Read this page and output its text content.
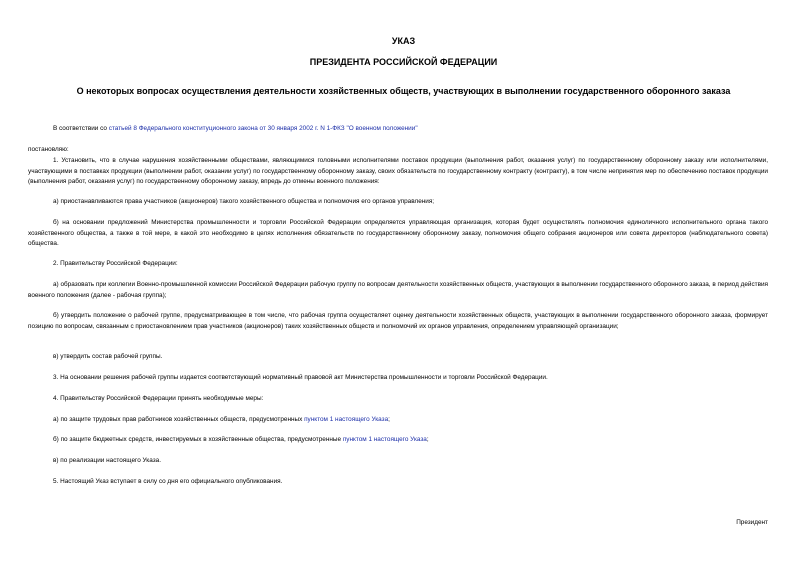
УКАЗ
ПРЕЗИДЕНТА РОССИЙСКОЙ ФЕДЕРАЦИИ
О некоторых вопросах осуществления деятельности хозяйственных обществ, участвующих в выполнении государственного оборонного заказа
В соответствии со статьей 8 Федерального конституционного закона от 30 января 2002 г. N 1-ФКЗ "О военном положении"
постановляю:
1. Установить, что в случае нарушения хозяйственными обществами, являющимися головными исполнителями поставок продукции (выполнения работ, оказания услуг) по государственному оборонному заказу или исполнителями, участвующими в поставках продукции (выполнении работ, оказании услуг) по государственному оборонному заказу, своих обязательств по государственному контракту (контракту), в том числе непринятия мер по обеспечению поставок продукции (выполнения работ, оказания услуг) по государственному оборонному заказу, впредь до отмены военного положения:
а) приостанавливаются права участников (акционеров) такого хозяйственного общества и полномочия его органов управления;
б) на основании предложений Министерства промышленности и торговли Российской Федерации определяется управляющая организация, которая будет осуществлять полномочия единоличного исполнительного органа такого хозяйственного общества, а также в той мере, в какой это необходимо в целях исполнения обязательств по государственному оборонному заказу, полномочия общего собрания акционеров или совета директоров (наблюдательного совета) общества.
2. Правительству Российской Федерации:
а) образовать при коллегии Военно-промышленной комиссии Российской Федерации рабочую группу по вопросам деятельности хозяйственных обществ, участвующих в выполнении государственного оборонного заказа, в период действия военного положения (далее - рабочая группа);
б) утвердить положение о рабочей группе, предусматривающее в том числе, что рабочая группа осуществляет оценку деятельности хозяйственных обществ, участвующих в выполнении государственного оборонного заказа, формирует позицию по вопросам, связанным с приостановлением прав участников (акционеров) таких хозяйственных обществ и полномочий их органов управления, определением управляющей организации;
в) утвердить состав рабочей группы.
3. На основании решения рабочей группы издается соответствующий нормативный правовой акт Министерства промышленности и торговли Российской Федерации.
4. Правительству Российской Федерации принять необходимые меры:
а) по защите трудовых прав работников хозяйственных обществ, предусмотренных пунктом 1 настоящего Указа;
б) по защите бюджетных средств, инвестируемых в хозяйственные общества, предусмотренные пунктом 1 настоящего Указа;
в) по реализации настоящего Указа.
5. Настоящий Указ вступает в силу со дня его официального опубликования.
Президент
